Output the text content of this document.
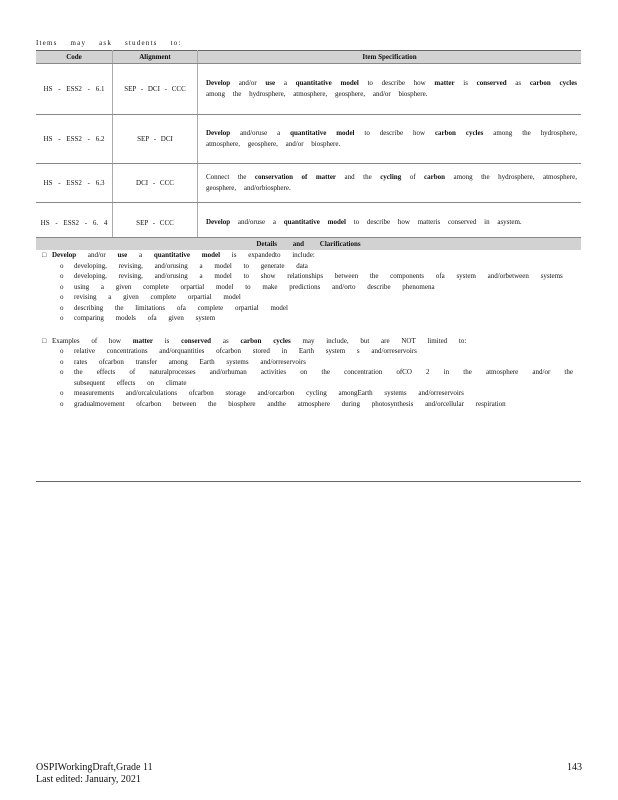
Items may ask students to:
Code	Alignment	Item Specification
HS - ESS2 - 6.1	SEP - DCI - CCC	Develop and/or use a quantitative model to describe how matter is conserved as carbon cycles among the hydrosphere, atmosphere, geosphere, and/or biosphere.
HS - ESS2 - 6.2	SEP - DCI	Develop and/oruse a quantitative model to describe how carbon cycles among the hydrosphere, atmosphere, geosphere, and/or biosphere.
HS - ESS2 - 6.3	DCI - CCC	Connect the conservation of matter and the cycling of carbon among the hydrosphere, atmosphere, geosphere, and/orbiosphere.
HS - ESS2 - 6. 4	SEP - CCC	Develop and/oruse a quantitative model to describe how matteris conserved in asystem.
Details and Clarifications
□ Develop and/or use a quantitative model is expandedto include:
o	developing, revising, and/orusing a model to generate data
o	developing, revising, and/orusing a model to show relationships between the components ofa system and/orbetween systems
o	using a given complete orpartial model to make predictions and/orto describe phenomena
o	revising a given complete orpartial model
o	describing the limitations ofa complete orpartial model
o	comparing models ofa given system
□ Examples of how matter is conserved as carbon cycles may include, but are NOT limited to:
o	relative concentrations and/orquantities ofcarbon stored in Earth system s and/orreservoirs
o	rates ofcarbon transfer among Earth systems and/orreservoirs
o	the effects of naturalprocesses and/orhuman activities on the concentration ofCO 2 in the atmosphere and/or the subsequent effects on climate
o	measurements and/orcalculations ofcarbon storage and/orcarbon cycling amongEarth systems and/orreservoirs
o	gradualmovement ofcarbon between the biosphere andthe atmosphere during photosynthesis and/orcellular respiration
OSPIWorkingDraft,Grade 11
Last edited: January, 2021
143
